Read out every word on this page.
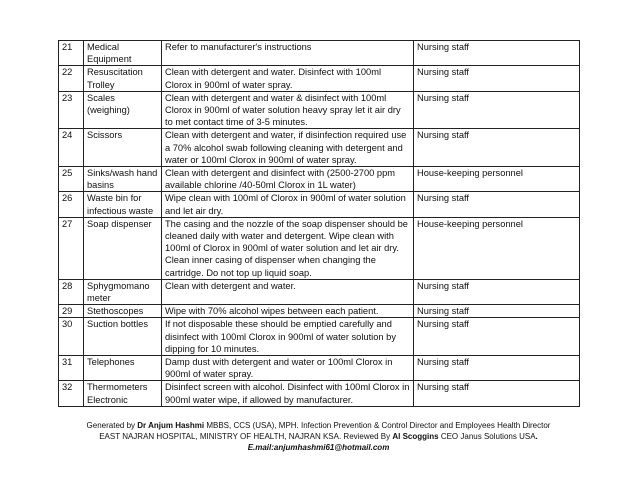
21	Medical Equipment	Refer to manufacturer's instructions	Nursing staff
22	Resuscitation Trolley	Clean with detergent and water. Disinfect with 100ml Clorox in 900ml of water spray.	Nursing staff
23	Scales (weighing)	Clean with detergent and water & disinfect with 100ml Clorox in 900ml of water solution heavy spray let it air dry to met contact time of 3-5 minutes.	Nursing staff
24	Scissors	Clean with detergent and water, if disinfection required use a 70% alcohol swab following cleaning with detergent and water or 100ml Clorox in 900ml of water spray.	Nursing staff
25	Sinks/wash hand basins	Clean with detergent and disinfect with (2500-2700 ppm available chlorine /40-50ml Clorox in 1L water)	House-keeping personnel
26	Waste bin for infectious waste	Wipe clean with 100ml of Clorox in 900ml of water solution and let air dry.	Nursing staff
27	Soap dispenser	The casing and the nozzle of the soap dispenser should be cleaned daily with water and detergent. Wipe clean with 100ml of Clorox in 900ml of water solution and let air dry. Clean inner casing of dispenser when changing the cartridge. Do not top up liquid soap.	House-keeping personnel
28	Sphygmomano meter	Clean with detergent and water.	Nursing staff
29	Stethoscopes	Wipe with 70% alcohol wipes between each patient.	Nursing staff
30	Suction bottles	If not disposable these should be emptied carefully and disinfect with 100ml Clorox in 900ml of water solution by dipping for 10 minutes.	Nursing staff
31	Telephones	Damp dust with detergent and water or 100ml Clorox in 900ml of water spray.	Nursing staff
32	Thermometers Electronic	Disinfect screen with alcohol. Disinfect with 100ml Clorox in 900ml water wipe, if allowed by manufacturer.	Nursing staff
Generated by Dr Anjum Hashmi MBBS, CCS (USA), MPH. Infection Prevention & Control Director and Employees Health Director
EAST NAJRAN HOSPITAL, MINISTRY OF HEALTH, NAJRAN KSA. Reviewed By Al Scoggins CEO Janus Solutions USA.
E.mail:anjumhashmi61@hotmail.com
